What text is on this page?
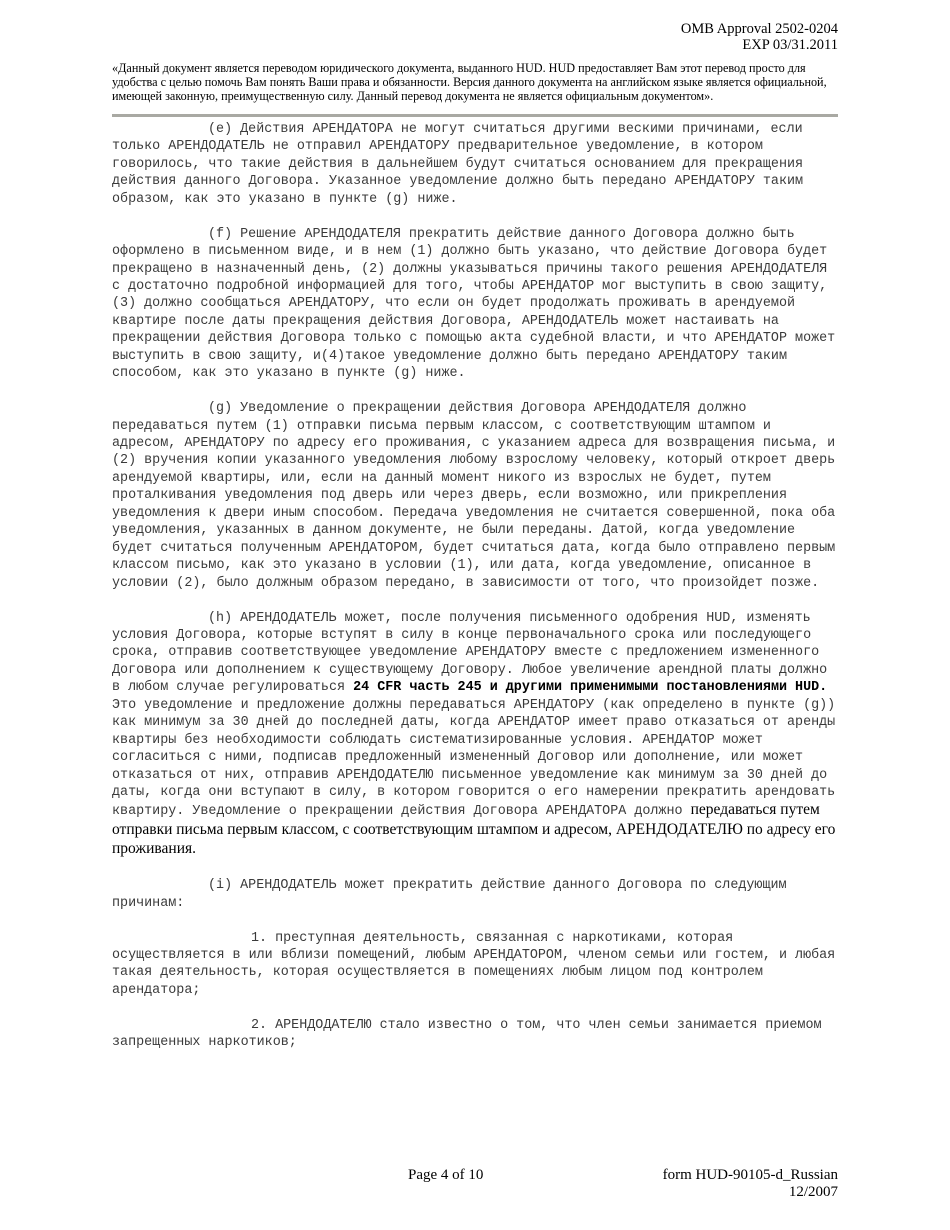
OMB Approval 2502-0204
EXP 03/31.2011
«Данный документ является переводом юридического документа, выданного HUD. HUD предоставляет Вам этот перевод просто для удобства с целью помочь Вам понять Ваши права и обязанности. Версия данного документа на английском языке является официальной, имеющей законную, преимущественную силу. Данный перевод документа не является официальным документом».

(e) Действия АРЕНДАТОРА не могут считаться другими вескими причинами, если только АРЕНДОДАТЕЛЬ не отправил АРЕНДАТОРУ предварительное уведомление, в котором говорилось, что такие действия в дальнейшем будут считаться основанием для прекращения действия данного Договора. Указанное уведомление должно быть передано АРЕНДАТОРУ таким образом, как это указано в пункте (g) ниже.

(f) Решение АРЕНДОДАТЕЛЯ прекратить действие данного Договора должно быть оформлено в письменном виде, и в нем (1) должно быть указано, что действие Договора будет прекращено в назначенный день, (2) должны указываться причины такого решения АРЕНДОДАТЕЛЯ с достаточно подробной информацией для того, чтобы АРЕНДАТОР мог выступить в свою защиту, (3) должно сообщаться АРЕНДАТОРУ, что если он будет продолжать проживать в арендуемой квартире после даты прекращения действия Договора, АРЕНДОДАТЕЛЬ может настаивать на прекращении действия Договора только с помощью акта судебной власти, и что АРЕНДАТОР может выступить в свою защиту, и(4)такое уведомление должно быть передано АРЕНДАТОРУ таким способом, как это указано в пункте (g) ниже.

(g) Уведомление о прекращении действия Договора АРЕНДОДАТЕЛЯ должно передаваться путем (1) отправки письма первым классом, с соответствующим штампом и адресом, АРЕНДАТОРУ по адресу его проживания, с указанием адреса для возвращения письма, и (2) вручения копии указанного уведомления любому взрослому человеку, который откроет дверь арендуемой квартиры, или, если на данный момент никого из взрослых не будет, путем проталкивания уведомления под дверь или через дверь, если возможно, или прикрепления уведомления к двери иным способом. Передача уведомления не считается совершенной, пока оба уведомления, указанных в данном документе, не были переданы. Датой, когда уведомление будет считаться полученным АРЕНДАТОРОМ, будет считаться дата, когда было отправлено первым классом письмо, как это указано в условии (1), или дата, когда уведомление, описанное в условии (2), было должным образом передано, в зависимости от того, что произойдет позже.

(h) АРЕНДОДАТЕЛЬ может, после получения письменного одобрения HUD, изменять условия Договора, которые вступят в силу в конце первоначального срока или последующего срока, отправив соответствующее уведомление АРЕНДАТОРУ вместе с предложением измененного Договора или дополнением к существующему Договору. Любое увеличение арендной платы должно в любом случае регулироваться 24 CFR часть 245 и другими применимыми постановлениями HUD. Это уведомление и предложение должны передаваться АРЕНДАТОРУ (как определено в пункте (g)) как минимум за 30 дней до последней даты, когда АРЕНДАТОР имеет право отказаться от аренды квартиры без необходимости соблюдать систематизированные условия. АРЕНДАТОР может согласиться с ними, подписав предложенный измененный Договор или дополнение, или может отказаться от них, отправив АРЕНДОДАТЕЛЮ письменное уведомление как минимум за 30 дней до даты, когда они вступают в силу, в котором говорится о его намерении прекратить арендовать квартиру. Уведомление о прекращении действия Договора АРЕНДАТОРА должно передаваться путем отправки письма первым классом, с соответствующим штампом и адресом, АРЕНДОДАТЕЛЮ по адресу его проживания.

(i) АРЕНДОДАТЕЛЬ может прекратить действие данного Договора по следующим причинам:

1. преступная деятельность, связанная с наркотиками, которая осуществляется в или вблизи помещений, любым АРЕНДАТОРОМ, членом семьи или гостем, и любая такая деятельность, которая осуществляется в помещениях любым лицом под контролем арендатора;

2. АРЕНДОДАТЕЛЮ стало известно о том, что член семьи занимается приемом запрещенных наркотиков;

Page 4 of 10	form HUD-90105-d_Russian
12/2007
